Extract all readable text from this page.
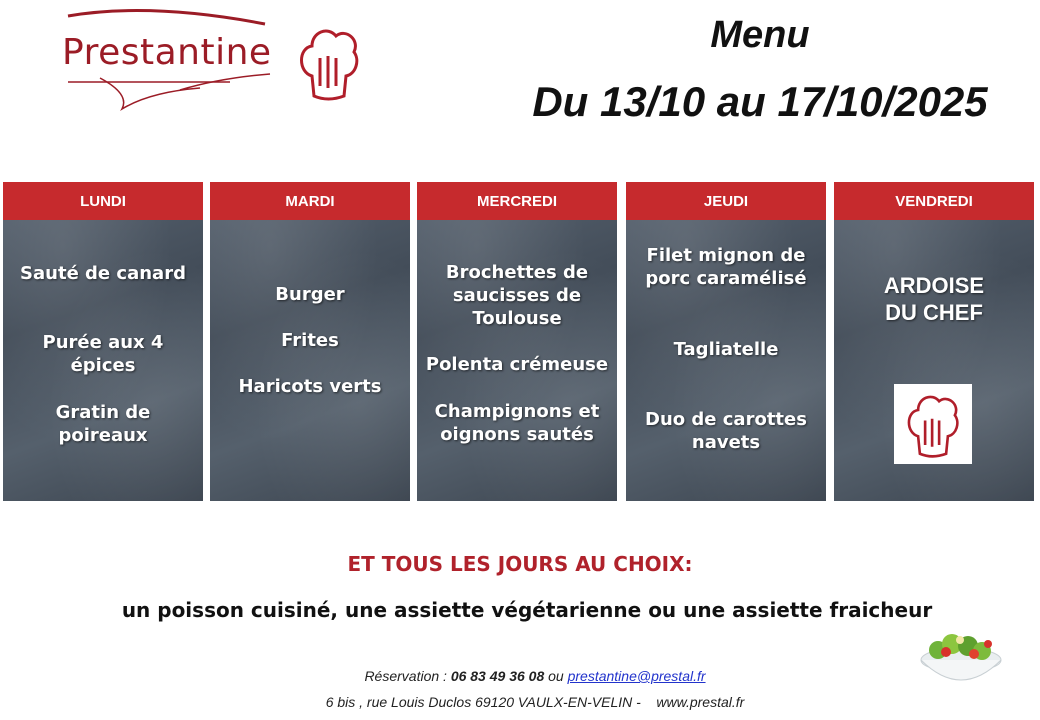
Prestantine	Menu
Du 13/10 au 17/10/2025
LUNDI
Sauté de canard
Purée aux 4 épices
Gratin de poireaux
MARDI
Burger
Frites
Haricots verts
MERCREDI
Brochettes de saucisses de Toulouse
Polenta crémeuse
Champignons et oignons sautés
JEUDI
Filet mignon de porc caramélisé
Tagliatelle
Duo de carottes navets
VENDREDI
ARDOISE DU CHEF
ET TOUS LES JOURS AU CHOIX:
un poisson cuisiné, une assiette végétarienne ou une assiette fraicheur
Réservation : 06 83 49 36 08 ou prestantine@prestal.fr
6 bis , rue Louis Duclos 69120 VAULX-EN-VELIN -    www.prestal.fr
